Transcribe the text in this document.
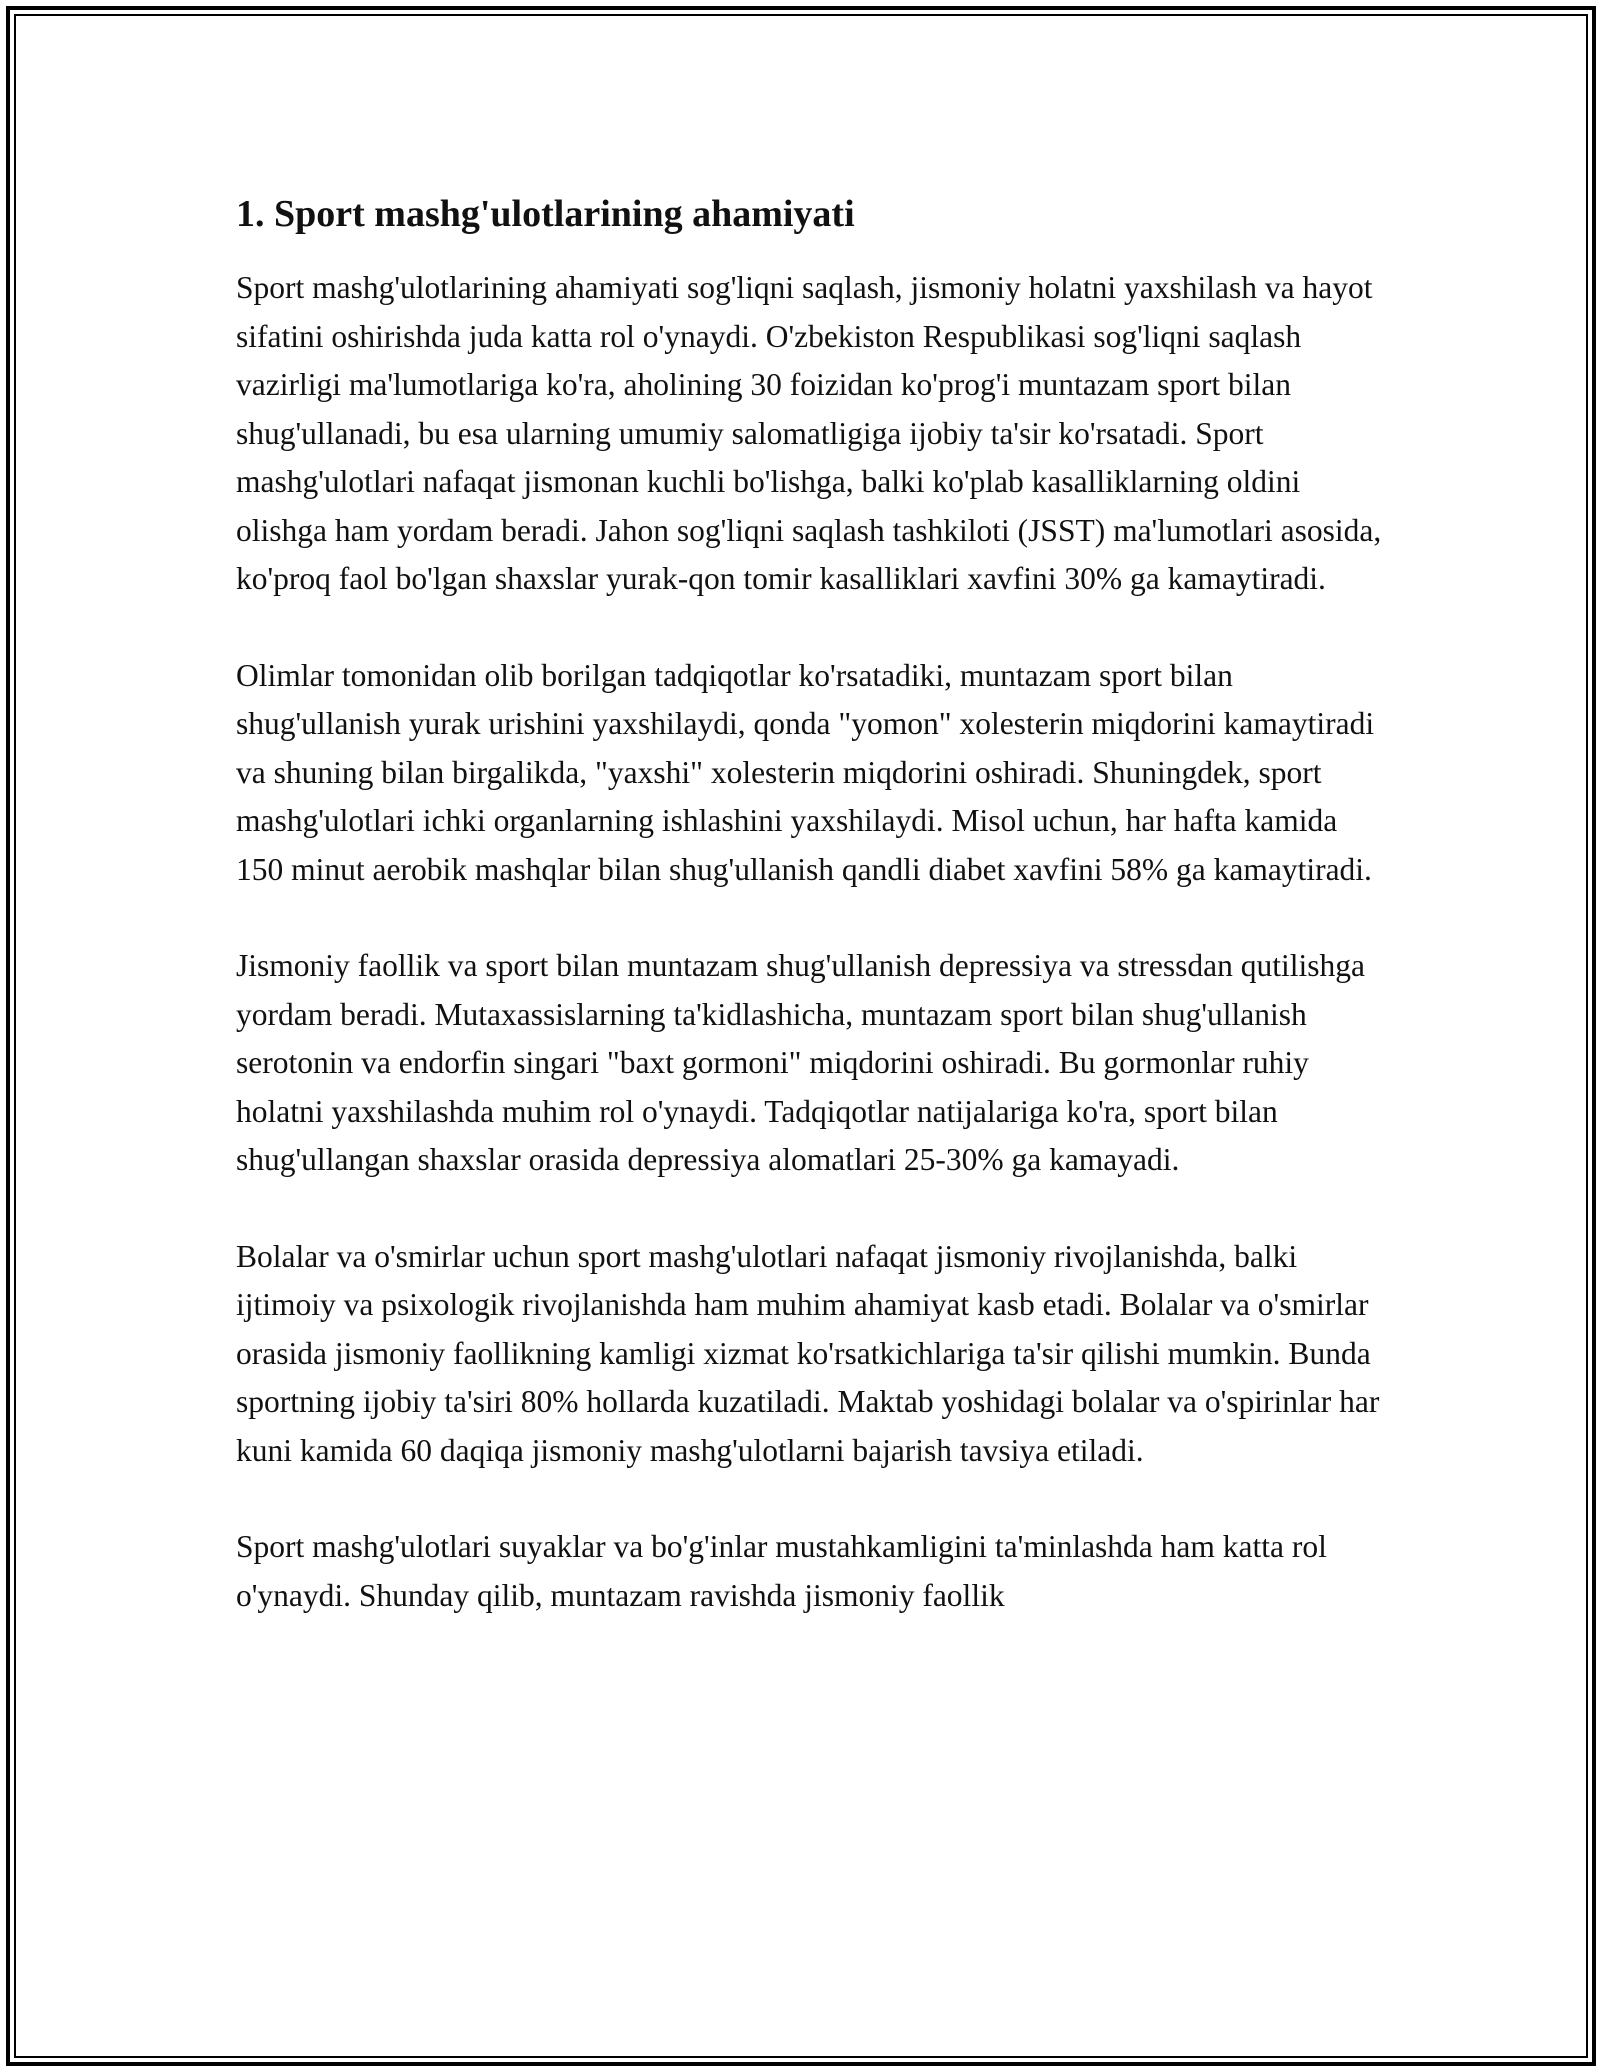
1. Sport mashg'ulotlarining ahamiyati

Sport mashg'ulotlarining ahamiyati sog'liqni saqlash, jismoniy holatni yaxshilash va hayot sifatini oshirishda juda katta rol o'ynaydi. O'zbekiston Respublikasi sog'liqni saqlash vazirligi ma'lumotlariga ko'ra, aholining 30 foizidan ko'prog'i muntazam sport bilan shug'ullanadi, bu esa ularning umumiy salomatligiga ijobiy ta'sir ko'rsatadi. Sport mashg'ulotlari nafaqat jismonan kuchli bo'lishga, balki ko'plab kasalliklarning oldini olishga ham yordam beradi. Jahon sog'liqni saqlash tashkiloti (JSST) ma'lumotlari asosida, ko'proq faol bo'lgan shaxslar yurak-qon tomir kasalliklari xavfini 30% ga kamaytiradi.

Olimlar tomonidan olib borilgan tadqiqotlar ko'rsatadiki, muntazam sport bilan shug'ullanish yurak urishini yaxshilaydi, qonda "yomon" xolesterin miqdorini kamaytiradi va shuning bilan birgalikda, "yaxshi" xolesterin miqdorini oshiradi. Shuningdek, sport mashg'ulotlari ichki organlarning ishlashini yaxshilaydi. Misol uchun, har hafta kamida 150 minut aerobik mashqlar bilan shug'ullanish qandli diabet xavfini 58% ga kamaytiradi.

Jismoniy faollik va sport bilan muntazam shug'ullanish depressiya va stressdan qutilishga yordam beradi. Mutaxassislarning ta'kidlashicha, muntazam sport bilan shug'ullanish serotonin va endorfin singari "baxt gormoni" miqdorini oshiradi. Bu gormonlar ruhiy holatni yaxshilashda muhim rol o'ynaydi. Tadqiqotlar natijalariga ko'ra, sport bilan shug'ullangan shaxslar orasida depressiya alomatlari 25-30% ga kamayadi.

Bolalar va o'smirlar uchun sport mashg'ulotlari nafaqat jismoniy rivojlanishda, balki ijtimoiy va psixologik rivojlanishda ham muhim ahamiyat kasb etadi. Bolalar va o'smirlar orasida jismoniy faollikning kamligi xizmat ko'rsatkichlariga ta'sir qilishi mumkin. Bunda sportning ijobiy ta'siri 80% hollarda kuzatiladi. Maktab yoshidagi bolalar va o'spirinlar har kuni kamida 60 daqiqa jismoniy mashg'ulotlarni bajarish tavsiya etiladi.

Sport mashg'ulotlari suyaklar va bo'g'inlar mustahkamligini ta'minlashda ham katta rol o'ynaydi. Shunday qilib, muntazam ravishda jismoniy faollik
